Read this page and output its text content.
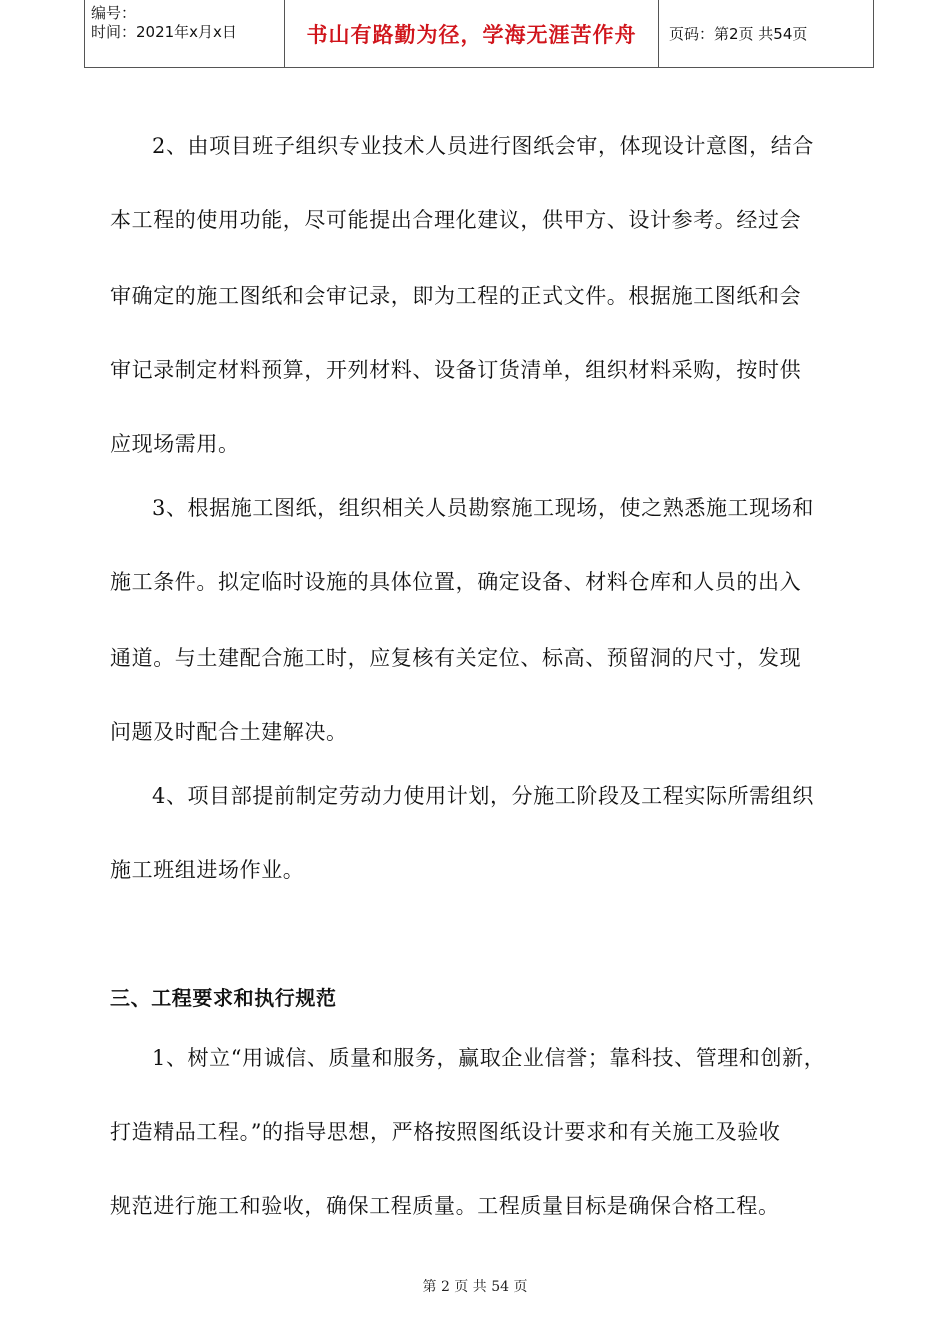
编号：
时间：2021年x月x日	书山有路勤为径，学海无涯苦作舟	页码：第2页 共54页
2、由项目班子组织专业技术人员进行图纸会审，体现设计意图，结合
本工程的使用功能，尽可能提出合理化建议，供甲方、设计参考。经过会
审确定的施工图纸和会审记录，即为工程的正式文件。根据施工图纸和会
审记录制定材料预算，开列材料、设备订货清单，组织材料采购，按时供
应现场需用。
3、根据施工图纸，组织相关人员勘察施工现场，使之熟悉施工现场和
施工条件。拟定临时设施的具体位置，确定设备、材料仓库和人员的出入
通道。与土建配合施工时，应复核有关定位、标高、预留洞的尺寸，发现
问题及时配合土建解决。
4、项目部提前制定劳动力使用计划，分施工阶段及工程实际所需组织
施工班组进场作业。
三、工程要求和执行规范
1、树立“用诚信、质量和服务，赢取企业信誉；靠科技、管理和创新，
打造精品工程。”的指导思想，严格按照图纸设计要求和有关施工及验收
规范进行施工和验收，确保工程质量。工程质量目标是确保合格工程。
第 2 页 共 54 页
